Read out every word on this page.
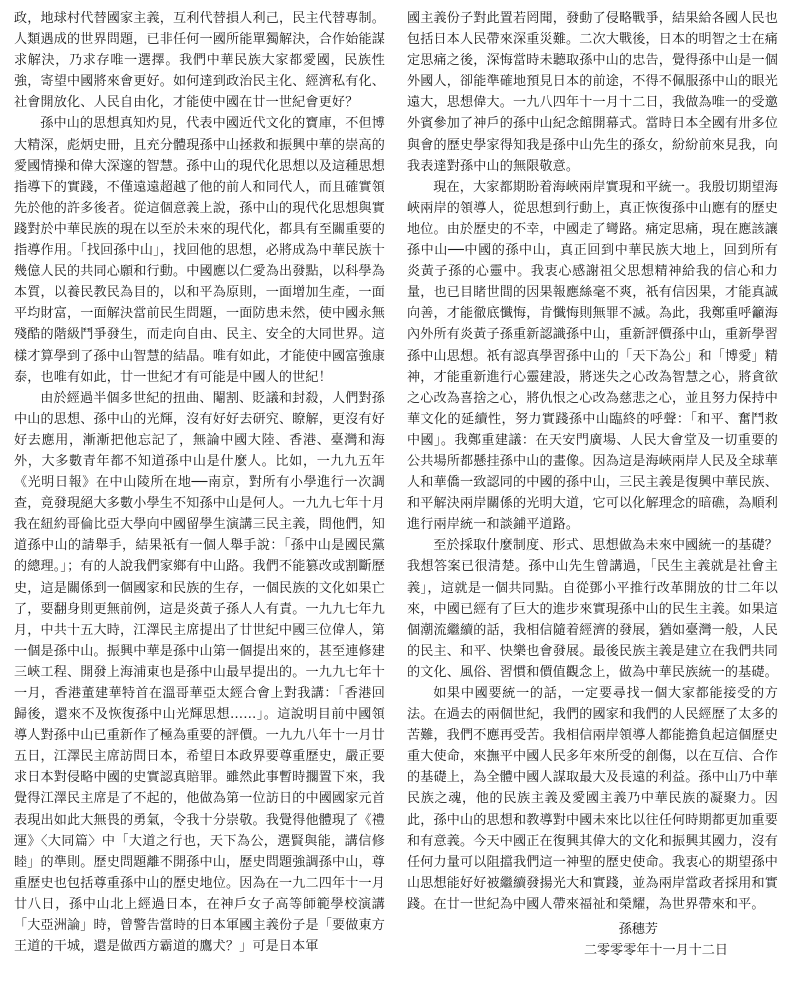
政，地球村代替國家主義，互利代替損人利己，民主代替專制。人類遇成的世界問題，已非任何一國所能單獨解決，合作始能謀求解決，乃求存唯一選擇。我們中華民族大家都愛國，民族性強，寄望中國將來會更好。如何達到政治民主化、經濟私有化、社會開放化、人民自由化，才能使中國在廿一世紀會更好？

孫中山的思想真知灼見，代表中國近代文化的寶庫，不但博大精深，彪炳史冊，且充分體現孫中山拯救和振興中華的崇高的愛國情操和偉大深邃的智慧。孫中山的現代化思想以及這種思想指導下的實踐，不僅遠遠超越了他的前人和同代人，而且確實領先於他的許多後者。從這個意義上說，孫中山的現代化思想與實踐對於中華民族的現在以至於未來的現代化，都具有至關重要的指導作用。「找回孫中山」，找回他的思想，必將成為中華民族十幾億人民的共同心願和行動。中國應以仁愛為出發點，以科學為本質，以養民教民為目的，以和平為原則，一面增加生產，一面平均財富，一面解決當前民生問題，一面防患未然，使中國永無殘酷的階級鬥爭發生，而走向自由、民主、安全的大同世界。這樣才算學到了孫中山智慧的結晶。唯有如此，才能使中國富強康泰，也唯有如此，廿一世紀才有可能是中國人的世紀！

由於經過半個多世紀的扭曲、閹割、貶議和封殺，人們對孫中山的思想、孫中山的光輝，沒有好好去研究、瞭解，更沒有好好去應用，漸漸把他忘記了，無論中國大陸、香港、臺灣和海外，大多數青年都不知道孫中山是什麼人。比如，一九九五年《光明日報》在中山陵所在地──南京，對所有小學進行一次調查，竟發現絕大多數小學生不知孫中山是何人。一九九七年十月我在紐約哥倫比亞大學向中國留學生演講三民主義，問他們，知道孫中山的請舉手，結果祇有一個人舉手說：「孫中山是國民黨的總理。」；有的人說我們家鄉有中山路。我們不能篡改或割斷歷史，這是關係到一個國家和民族的生存，一個民族的文化如果亡了，要翻身則更無前例，這是炎黃子孫人人有責。一九九七年九月，中共十五大時，江澤民主席提出了廿世紀中國三位偉人，第一個是孫中山。振興中華是孫中山第一個提出來的，甚至連修建三峽工程、開發上海浦東也是孫中山最早提出的。一九九七年十一月，香港董建華特首在溫哥華亞太經合會上對我講：「香港回歸後，還來不及恢復孫中山光輝思想……」。這說明目前中國領導人對孫中山已重新作了極為重要的評價。一九九八年十一月廿五日，江澤民主席訪問日本，希望日本政界要尊重歷史，嚴正要求日本對侵略中國的史實認真賠罪。雖然此事暫時擱置下來，我覺得江澤民主席是了不起的，他做為第一位訪日的中國國家元首表現出如此大無畏的勇氣，令我十分崇敬。我覺得他體現了《禮運》〈大同篇〉中「大道之行也，天下為公，選賢與能，講信修睦」的準則。歷史問題離不開孫中山，歷史問題強調孫中山，尊重歷史也包括尊重孫中山的歷史地位。因為在一九二四年十一月廿八日，孫中山北上經過日本，在神戶女子高等師範學校演講「大亞洲論」時，曾警告當時的日本軍國主義份子是「要做東方王道的干城，還是做西方霸道的鷹犬？」可是日本軍

國主義份子對此置若罔聞，發動了侵略戰爭，結果給各國人民也包括日本人民帶來深重災難。二次大戰後，日本的明智之士在痛定思痛之後，深悔當時未聽取孫中山的忠告，覺得孫中山是一個外國人，卻能準確地預見日本的前途，不得不佩服孫中山的眼光遠大，思想偉大。一九八四年十一月十二日，我做為唯一的受邀外賓參加了神戶的孫中山紀念館開幕式。當時日本全國有卅多位與會的歷史學家得知我是孫中山先生的孫女，紛紛前來見我，向我表達對孫中山的無限敬意。

現在，大家都期盼着海峽兩岸實現和平統一。我殷切期望海峽兩岸的領導人，從思想到行動上，真正恢復孫中山應有的歷史地位。由於歷史的不幸，中國走了彎路。痛定思痛，現在應該讓孫中山──中國的孫中山，真正回到中華民族大地上，回到所有炎黃子孫的心靈中。我衷心感謝祖父思想精神給我的信心和力量，也已目睹世間的因果報應絲毫不爽，祇有信因果，才能真誠向善，才能徹底懺悔，肯懺悔則無罪不滅。為此，我鄭重呼籲海內外所有炎黃子孫重新認識孫中山，重新評價孫中山，重新學習孫中山思想。祇有認真學習孫中山的「天下為公」和「博愛」精神，才能重新進行心靈建設，將迷失之心改為智慧之心，將貪欲之心改為喜捨之心，將仇恨之心改為慈悲之心，並且努力保持中華文化的延續性，努力實踐孫中山臨終的呼聲：「和平、奮鬥救中國」。我鄭重建議：在天安門廣場、人民大會堂及一切重要的公共場所都懸挂孫中山的畫像。因為這是海峽兩岸人民及全球華人和華僑一致認同的中國的孫中山，三民主義是復興中華民族、和平解決兩岸關係的光明大道，它可以化解理念的暗礁，為順利進行兩岸統一和談鋪平道路。

至於採取什麼制度、形式、思想做為未來中國統一的基礎？我想答案已很清楚。孫中山先生曾講過，「民生主義就是社會主義」，這就是一個共同點。自從鄧小平推行改革開放的廿二年以來，中國已經有了巨大的進步來實現孫中山的民生主義。如果這個潮流繼續的話，我相信隨着經濟的發展，猶如臺灣一般，人民的民主、和平、快樂也會發展。最後民族主義是建立在我們共同的文化、風俗、習慣和價值觀念上，做為中華民族統一的基礎。

如果中國要統一的話，一定要尋找一個大家都能接受的方法。在過去的兩個世紀，我們的國家和我們的人民經歷了太多的苦難，我們不應再受苦。我相信兩岸領導人都能擔負起這個歷史重大使命，來撫平中國人民多年來所受的創傷，以在互信、合作的基礎上，為全體中國人謀取最大及長遠的利益。孫中山乃中華民族之魂，他的民族主義及愛國主義乃中華民族的凝聚力。因此，孫中山的思想和教導對中國未來比以往任何時期都更加重要和有意義。今天中國正在復興其偉大的文化和振興其國力，沒有任何力量可以阻擋我們這一神聖的歷史使命。我衷心的期望孫中山思想能好好被繼續發揚光大和實踐，並為兩岸當政者採用和實踐。在廿一世紀為中國人帶來福祉和榮耀，為世界帶來和平。

孫穗芳
二零零零年十一月十二日
